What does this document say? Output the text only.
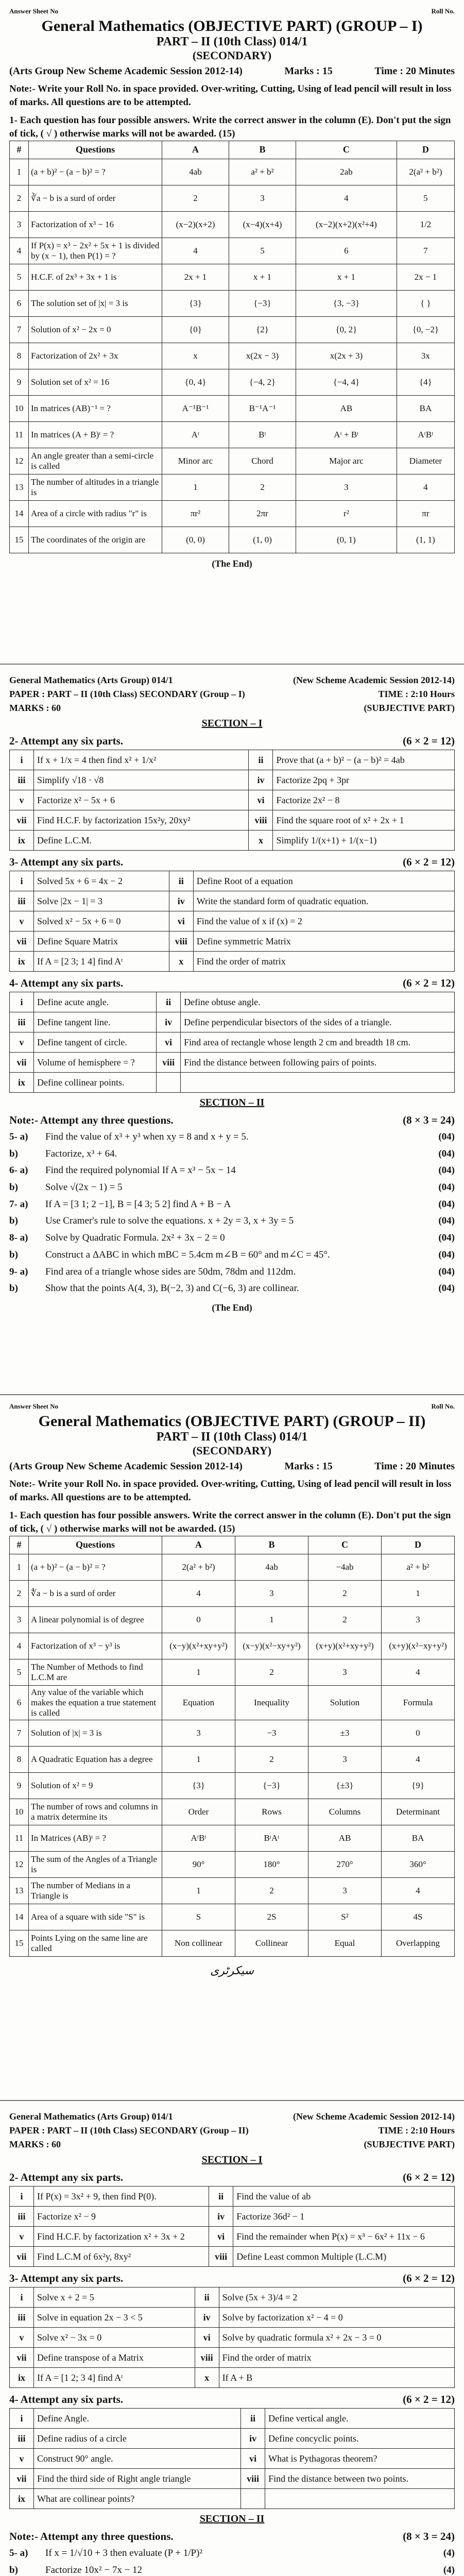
Answer Sheet No	Roll No.
General Mathematics (OBJECTIVE PART) (GROUP – I)
PART – II (10th Class) 014/1
(SECONDARY)
(Arts Group New Scheme Academic Session 2012-14)	Marks : 15	Time : 20 Minutes
Note:- Write your Roll No. in space provided. Over-writing, Cutting, Using of lead pencil will result in loss of marks. All questions are to be attempted.
1- Each question has four possible answers. Write the correct answer in the column (E). Don't put the sign of tick, ( √ ) otherwise marks will not be awarded. (15)
#	Questions	A	B	C	D
1	(a + b)² − (a − b)² = ?	4ab	a² + b²	2ab	2(a² + b²)
2	∛a − b is a surd of order	2	3	4	5
3	Factorization of x³ − 16	(x−2)(x+2)	(x−4)(x+4)	(x−2)(x+2)(x²+4)	1/2
4	If P(x) = x³ − 2x² + 5x + 1 is divided by (x − 1), then P(1) = ?	4	5	6	7
5	H.C.F. of 2x³ + 3x + 1 is	2x + 1	x + 1	x + 1	2x − 1
6	The solution set of |x| = 3 is	{3}	{−3}	{3, −3}	{ }
7	Solution of x² − 2x = 0	{0}	{2}	{0, 2}	{0, −2}
8	Factorization of 2x² + 3x	x	x(2x − 3)	x(2x + 3)	3x
9	Solution set of x² = 16	{0, 4}	{−4, 2}	{−4, 4}	{4}
10	In matrices (AB)⁻¹ = ?	A⁻¹B⁻¹	B⁻¹A⁻¹	AB	BA
11	In matrices (A + B)ᵗ = ?	Aᵗ	Bᵗ	Aᵗ + Bᵗ	AᵗBᵗ
12	An angle greater than a semi-circle is called	Minor arc	Chord	Major arc	Diameter
13	The number of altitudes in a triangle is	1	2	3	4
14	Area of a circle with radius "r" is	πr²	2πr	r²	πr
15	The coordinates of the origin are	(0, 0)	(1, 0)	(0, 1)	(1, 1)
(The End)
General Mathematics (Arts Group) 014/1	(New Scheme Academic Session 2012-14)
PAPER : PART – II (10th Class) SECONDARY (Group – I)	TIME : 2:10 Hours
MARKS : 60	(SUBJECTIVE PART)
SECTION – I
2- Attempt any six parts.	(6 × 2 = 12)
i	If x + 1/x = 4 then find x² + 1/x²	ii	Prove that (a + b)² − (a − b)² = 4ab
iii	Simplify √18 · √8	iv	Factorize 2pq + 3pr
v	Factorize x² − 5x + 6	vi	Factorize 2x² − 8
vii	Find H.C.F. by factorization 15x²y, 20xy²	viii	Find the square root of x² + 2x + 1
ix	Define L.C.M.	x	Simplify 1/(x+1) + 1/(x−1)
3- Attempt any six parts.	(6 × 2 = 12)
i	Solved 5x + 6 = 4x − 2	ii	Define Root of a equation
iii	Solve |2x − 1| = 3	iv	Write the standard form of quadratic equation.
v	Solved x² − 5x + 6 = 0	vi	Find the value of x if (x) = 2
vii	Define Square Matrix	viii	Define symmetric Matrix
ix	If A = [2 3; 1 4] find Aᵗ	x	Find the order of matrix
4- Attempt any six parts.	(6 × 2 = 12)
i	Define acute angle.	ii	Define obtuse angle.
iii	Define tangent line.	iv	Define perpendicular bisectors of the sides of a triangle.
v	Define tangent of circle.	vi	Find area of rectangle whose length 2 cm and breadth 18 cm.
vii	Volume of hemisphere = ?	viii	Find the distance between following pairs of points.
ix	Define collinear points.		
SECTION – II
Note:- Attempt any three questions.	(8 × 3 = 24)
5- a)	Find the value of x³ + y³ when xy = 8 and x + y = 5.	(04)
b)	Factorize, x³ + 64.	(04)
6- a)	Find the required polynomial If A = x³ − 5x − 14	(04)
b)	Solve √(2x − 1) = 5	(04)
7- a)	If A = [3 1; 2 −1], B = [4 3; 5 2] find A + B − A	(04)
b)	Use Cramer's rule to solve the equations. x + 2y = 3, x + 3y = 5	(04)
8- a)	Solve by Quadratic Formula. 2x² + 3x − 2 = 0	(04)
b)	Construct a ΔABC in which mBC = 5.4cm m∠B = 60° and m∠C = 45°.	(04)
9- a)	Find area of a triangle whose sides are 50dm, 78dm and 112dm.	(04)
b)	Show that the points A(4, 3), B(−2, 3) and C(−6, 3) are collinear.	(04)
(The End)
Answer Sheet No	Roll No.
General Mathematics (OBJECTIVE PART) (GROUP – II)
PART – II (10th Class) 014/1
(SECONDARY)
(Arts Group New Scheme Academic Session 2012-14)	Marks : 15	Time : 20 Minutes
Note:- Write your Roll No. in space provided. Over-writing, Cutting, Using of lead pencil will result in loss of marks. All questions are to be attempted.
1- Each question has four possible answers. Write the correct answer in the column (E). Don't put the sign of tick, ( √ ) otherwise marks will not be awarded. (15)
#	Questions	A	B	C	D
1	(a + b)² − (a − b)² = ?	2(a² + b²)	4ab	−4ab	a² + b²
2	∜a − b is a surd of order	4	3	2	1
3	A linear polynomial is of degree	0	1	2	3
4	Factorization of x³ − y³ is	(x−y)(x²+xy+y²)	(x−y)(x²−xy+y²)	(x+y)(x²+xy+y²)	(x+y)(x²−xy+y²)
5	The Number of Methods to find L.C.M are	1	2	3	4
6	Any value of the variable which makes the equation a true statement is called	Equation	Inequality	Solution	Formula
7	Solution of |x| = 3 is	3	−3	±3	0
8	A Quadratic Equation has a degree	1	2	3	4
9	Solution of x² = 9	{3}	{−3}	{±3}	{9}
10	The number of rows and columns in a matrix determine its	Order	Rows	Columns	Determinant
11	In Matrices (AB)ᵗ = ?	AᵗBᵗ	BᵗAᵗ	AB	BA
12	The sum of the Angles of a Triangle is	90°	180°	270°	360°
13	The number of Medians in a Triangle is	1	2	3	4
14	Area of a square with side "S" is	S	2S	S²	4S
15	Points Lying on the same line are called	Non collinear	Collinear	Equal	Overlapping
سیکرٹری
General Mathematics (Arts Group) 014/1	(New Scheme Academic Session 2012-14)
PAPER : PART – II (10th Class) SECONDARY (Group – II)	TIME : 2:10 Hours
MARKS : 60	(SUBJECTIVE PART)
SECTION – I
2- Attempt any six parts.	(6 × 2 = 12)
i	If P(x) = 3x² + 9, then find P(0).	ii	Find the value of ab
iii	Factorize x² − 9	iv	Factorize 36d² − 1
v	Find H.C.F. by factorization x² + 3x + 2	vi	Find the remainder when P(x) = x³ − 6x² + 11x − 6
vii	Find L.C.M of 6x²y, 8xy²	viii	Define Least common Multiple (L.C.M)
3- Attempt any six parts.	(6 × 2 = 12)
i	Solve x + 2 = 5	ii	Solve (5x + 3)/4 = 2
iii	Solve in equation 2x − 3 < 5	iv	Solve by factorization x² − 4 = 0
v	Solve x² − 3x = 0	vi	Solve by quadratic formula x² + 2x − 3 = 0
vii	Define transpose of a Matrix	viii	Find the order of matrix
ix	If A = [1 2; 3 4] find Aᵗ	x	If A + B
4- Attempt any six parts.	(6 × 2 = 12)
i	Define Angle.	ii	Define vertical angle.
iii	Define radius of a circle	iv	Define concyclic points.
v	Construct 90° angle.	vi	What is Pythagoras theorem?
vii	Find the third side of Right angle triangle	viii	Find the distance between two points.
ix	What are collinear points?		
SECTION – II
Note:- Attempt any three questions.	(8 × 3 = 24)
5- a)	If x = 1/√10 + 3 then evaluate (P + 1/P)²	(4)
b)	Factorize 10x² − 7x − 12	(4)
